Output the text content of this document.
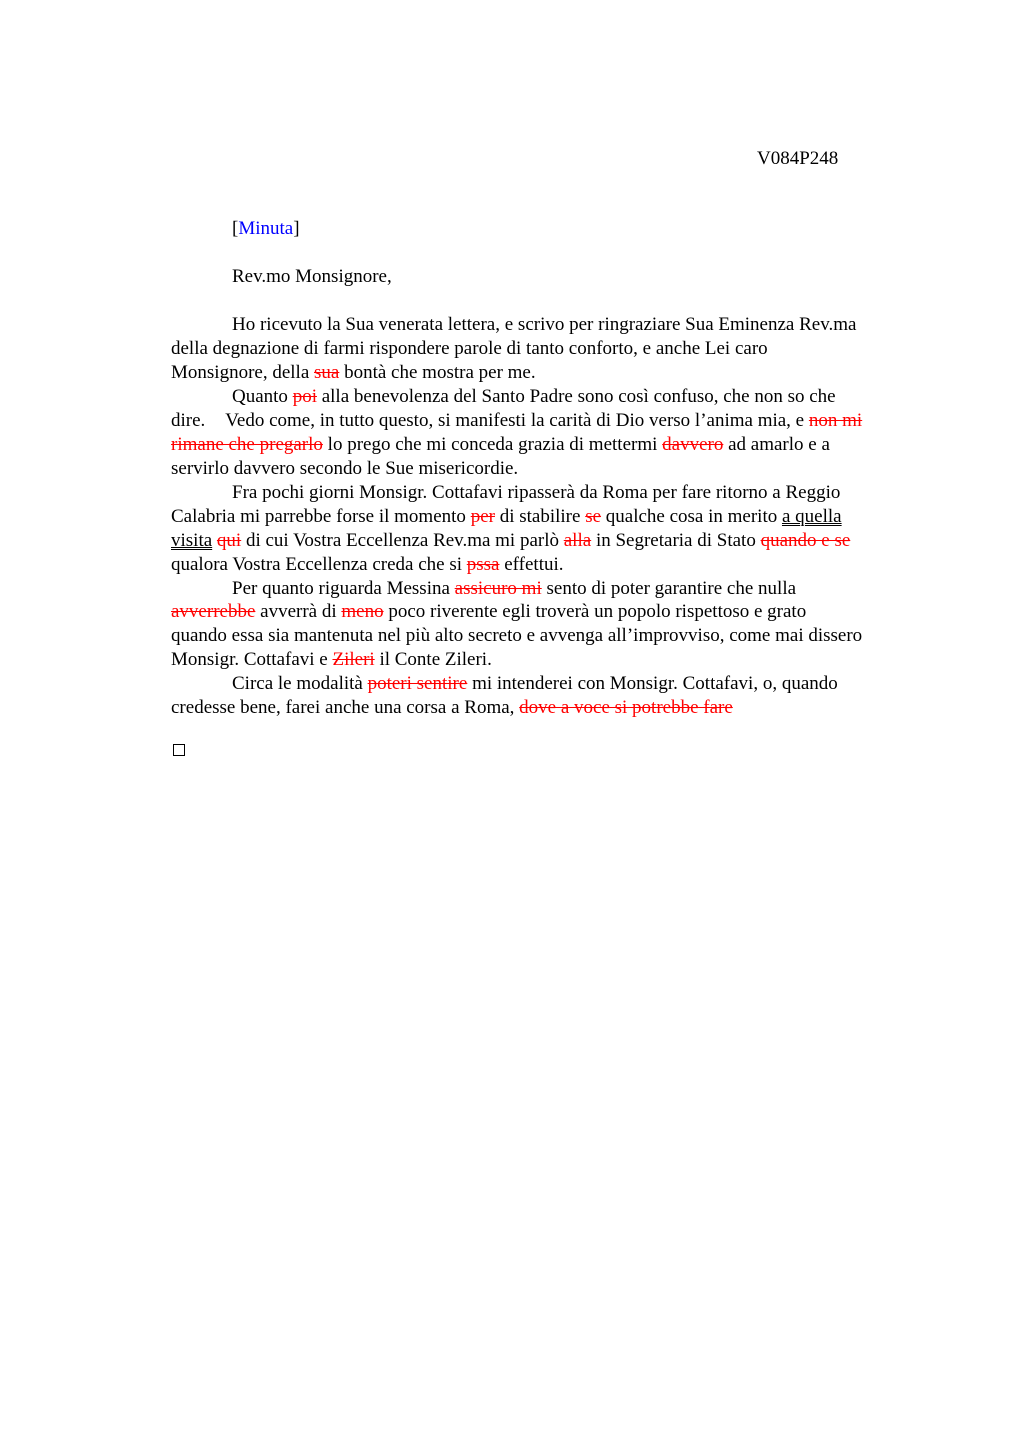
V084P248
[Minuta]
Rev.mo Monsignore,
Ho ricevuto la Sua venerata lettera, e scrivo per ringraziare Sua Eminenza Rev.ma
della degnazione di farmi rispondere parole di tanto conforto, e anche Lei caro
Monsignore, della sua bontà che mostra per me.
Quanto poi alla benevolenza del Santo Padre sono così confuso, che non so che
dire. Vedo come, in tutto questo, si manifesti la carità di Dio verso l’anima mia, e non mi
rimane che pregarlo lo prego che mi conceda grazia di mettermi davvero ad amarlo e a
servirlo davvero secondo le Sue misericordie.
Fra pochi giorni Monsigr. Cottafavi ripasserà da Roma per fare ritorno a Reggio
Calabria mi parrebbe forse il momento per di stabilire se qualche cosa in merito a quella
visita qui di cui Vostra Eccellenza Rev.ma mi parlò alla in Segretaria di Stato quando e se
qualora Vostra Eccellenza creda che si pssa effettui.
Per quanto riguarda Messina assicuro mi sento di poter garantire che nulla
avverrebbe avverrà di meno poco riverente egli troverà un popolo rispettoso e grato
quando essa sia mantenuta nel più alto secreto e avvenga all’improvviso, come mai dissero
Monsigr. Cottafavi e Zileri il Conte Zileri.
Circa le modalità poteri sentire mi intenderei con Monsigr. Cottafavi, o, quando
credesse bene, farei anche una corsa a Roma, dove a voce si potrebbe fare
